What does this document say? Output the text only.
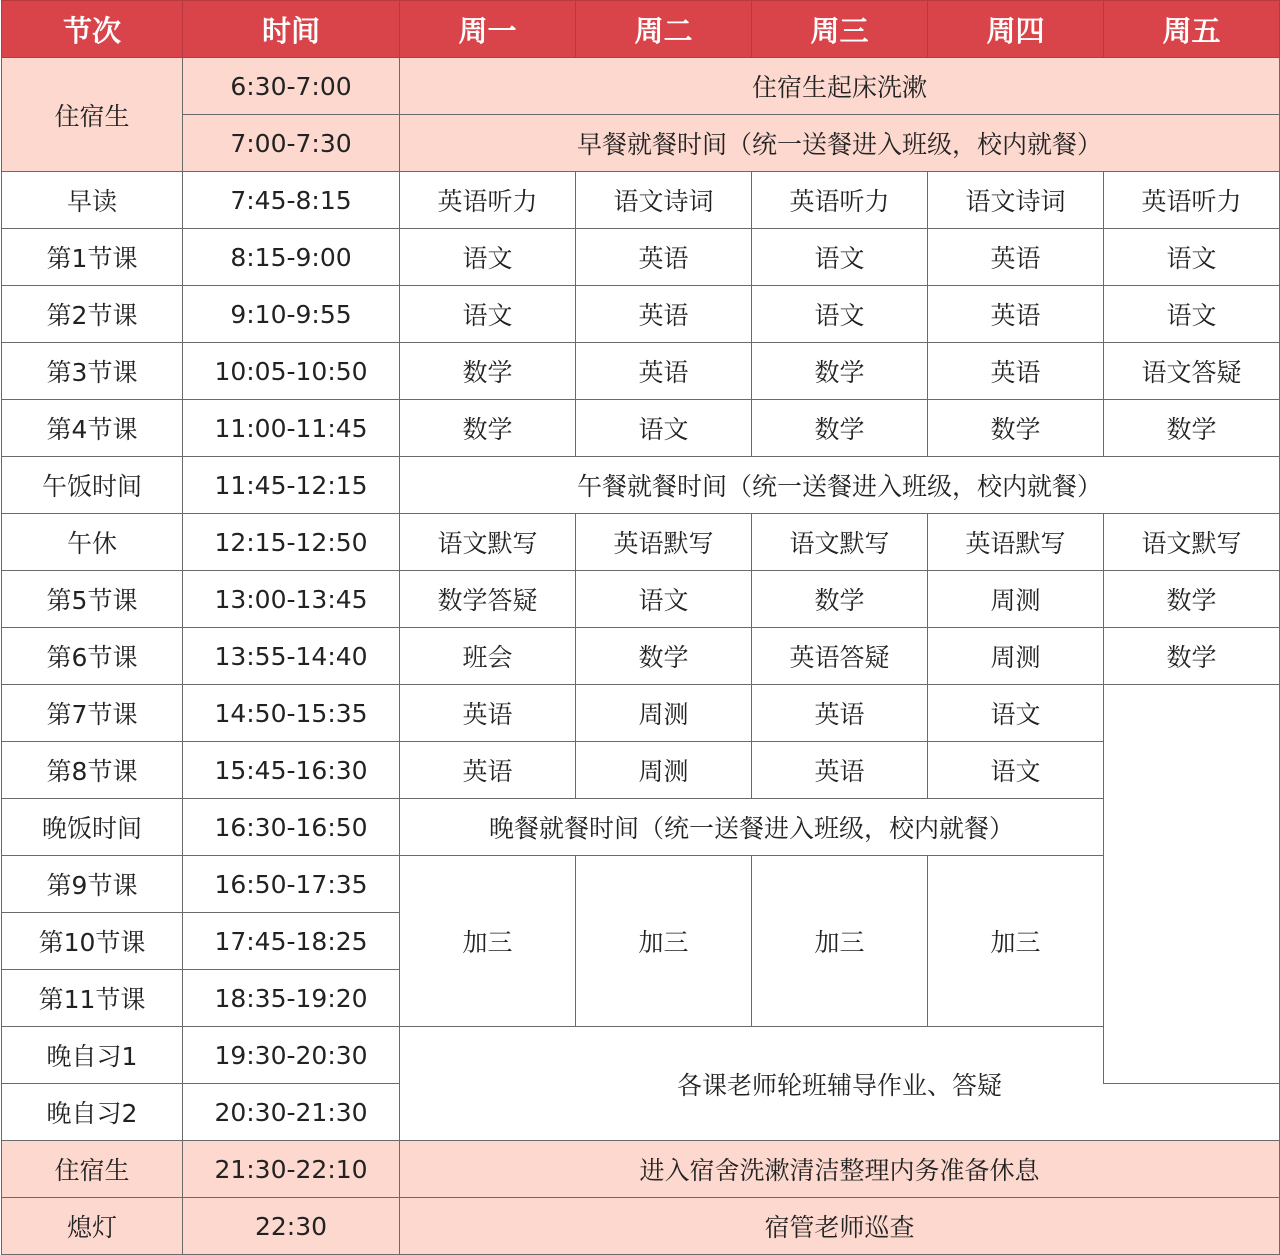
节次	时间	周一	周二	周三	周四	周五
住宿生	6:30-7:00	住宿生起床洗漱				
	7:00-7:30	早餐就餐时间（统一送餐进入班级，校内就餐）				
早读	7:45-8:15	英语听力	语文诗词	英语听力	语文诗词	英语听力
第1节课	8:15-9:00	语文	英语	语文	英语	语文
第2节课	9:10-9:55	语文	英语	语文	英语	语文
第3节课	10:05-10:50	数学	英语	数学	英语	语文答疑
第4节课	11:00-11:45	数学	语文	数学	数学	数学
午饭时间	11:45-12:15	午餐就餐时间（统一送餐进入班级，校内就餐）				
午休	12:15-12:50	语文默写	英语默写	语文默写	英语默写	语文默写
第5节课	13:00-13:45	数学答疑	语文	数学	周测	数学
第6节课	13:55-14:40	班会	数学	英语答疑	周测	数学
第7节课	14:50-15:35	英语	周测	英语	语文	
第8节课	15:45-16:30	英语	周测	英语	语文	
晚饭时间	16:30-16:50	晚餐就餐时间（统一送餐进入班级，校内就餐）				
第9节课	16:50-17:35	加三	加三	加三	加三	
第10节课	17:45-18:25					
第11节课	18:35-19:20					
晚自习1	19:30-20:30	各课老师轮班辅导作业、答疑				
晚自习2	20:30-21:30					
住宿生	21:30-22:10	进入宿舍洗漱清洁整理内务准备休息				
熄灯	22:30	宿管老师巡查				
